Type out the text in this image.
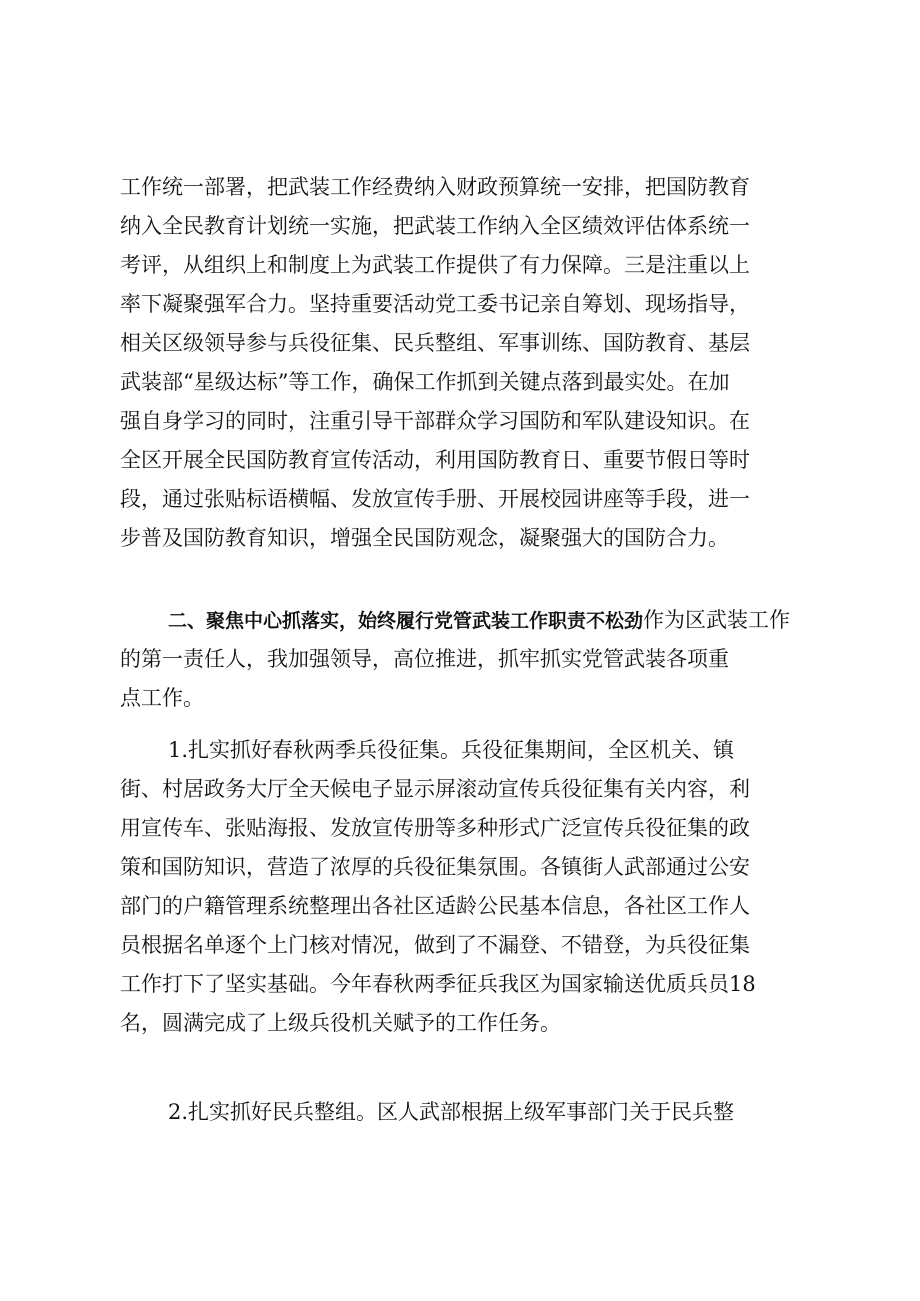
工作统一部署，把武装工作经费纳入财政预算统一安排，把国防教育
纳入全民教育计划统一实施，把武装工作纳入全区绩效评估体系统一
考评，从组织上和制度上为武装工作提供了有力保障。三是注重以上
率下凝聚强军合力。坚持重要活动党工委书记亲自筹划、现场指导，
相关区级领导参与兵役征集、民兵整组、军事训练、国防教育、基层
武装部“星级达标”等工作，确保工作抓到关键点落到最实处。在加
强自身学习的同时，注重引导干部群众学习国防和军队建设知识。在
全区开展全民国防教育宣传活动，利用国防教育日、重要节假日等时
段，通过张贴标语横幅、发放宣传手册、开展校园讲座等手段，进一
步普及国防教育知识，增强全民国防观念，凝聚强大的国防合力。
二、聚焦中心抓落实，始终履行党管武装工作职责不松劲作为区武装工作
的第一责任人，我加强领导，高位推进，抓牢抓实党管武装各项重
点工作。
1.扎实抓好春秋两季兵役征集。兵役征集期间，全区机关、镇
街、村居政务大厅全天候电子显示屏滚动宣传兵役征集有关内容，利
用宣传车、张贴海报、发放宣传册等多种形式广泛宣传兵役征集的政
策和国防知识，营造了浓厚的兵役征集氛围。各镇街人武部通过公安
部门的户籍管理系统整理出各社区适龄公民基本信息，各社区工作人
员根据名单逐个上门核对情况，做到了不漏登、不错登，为兵役征集
工作打下了坚实基础。今年春秋两季征兵我区为国家输送优质兵员18
名，圆满完成了上级兵役机关赋予的工作任务。
2.扎实抓好民兵整组。区人武部根据上级军事部门关于民兵整
